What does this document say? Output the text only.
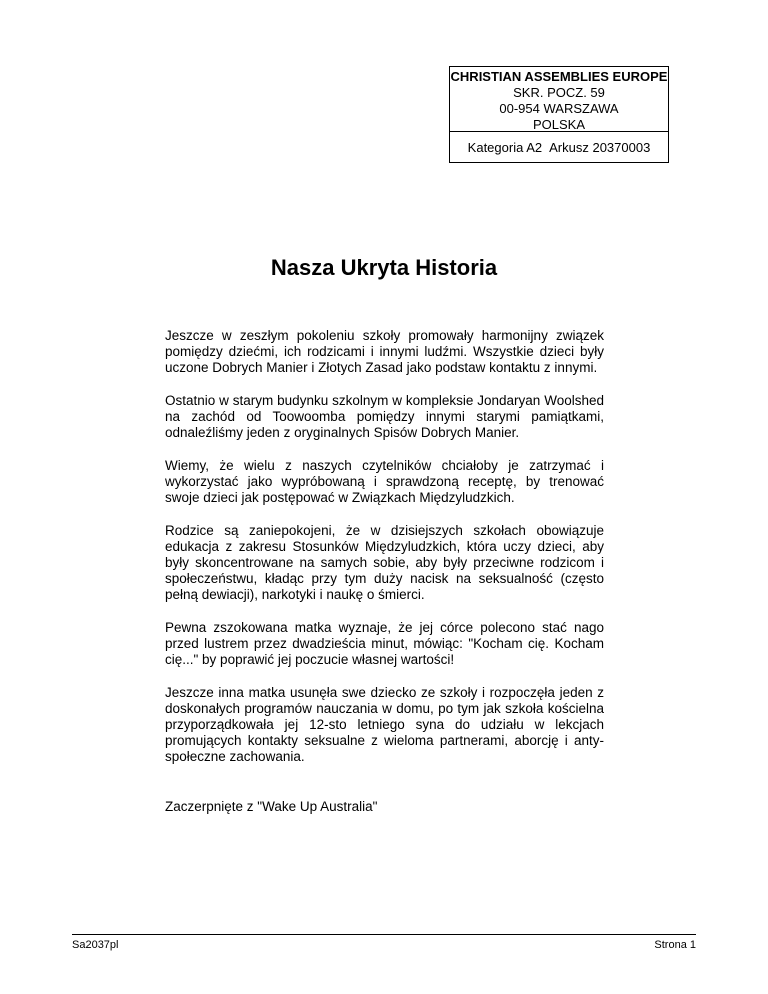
CHRISTIAN ASSEMBLIES EUROPE
SKR. POCZ. 59
00-954 WARSZAWA
POLSKA
Kategoria A2 Arkusz 20370003
Nasza Ukryta Historia

Jeszcze w zeszłym pokoleniu szkoły promowały harmonijny związek pomiędzy dziećmi, ich rodzicami i innymi ludźmi. Wszystkie dzieci były uczone Dobrych Manier i Złotych Zasad jako podstaw kontaktu z innymi.

Ostatnio w starym budynku szkolnym w kompleksie Jondaryan Woolshed na zachód od Toowoomba pomiędzy innymi starymi pamiątkami, odnaleźliśmy jeden z oryginalnych Spisów Dobrych Manier.

Wiemy, że wielu z naszych czytelników chciałoby je zatrzymać i wykorzystać jako wypróbowaną i sprawdzoną receptę, by trenować swoje dzieci jak postępować w Związkach Międzyludzkich.

Rodzice są zaniepokojeni, że w dzisiejszych szkołach obowiązuje edukacja z zakresu Stosunków Międzyludzkich, która uczy dzieci, aby były skoncentrowane na samych sobie, aby były przeciwne rodzicom i społeczeństwu, kładąc przy tym duży nacisk na seksualność (często pełną dewiacji), narkotyki i naukę o śmierci.

Pewna zszokowana matka wyznaje, że jej córce polecono stać nago przed lustrem przez dwadzieścia minut, mówiąc: "Kocham cię. Kocham cię..." by poprawić jej poczucie własnej wartości!

Jeszcze inna matka usunęła swe dziecko ze szkoły i rozpoczęła jeden z doskonałych programów nauczania w domu, po tym jak szkoła kościelna przyporządkowała jej 12-sto letniego syna do udziału w lekcjach promujących kontakty seksualne z wieloma partnerami, aborcję i anty-społeczne zachowania.

Zaczerpnięte z "Wake Up Australia"

Sa2037pl	Strona 1
